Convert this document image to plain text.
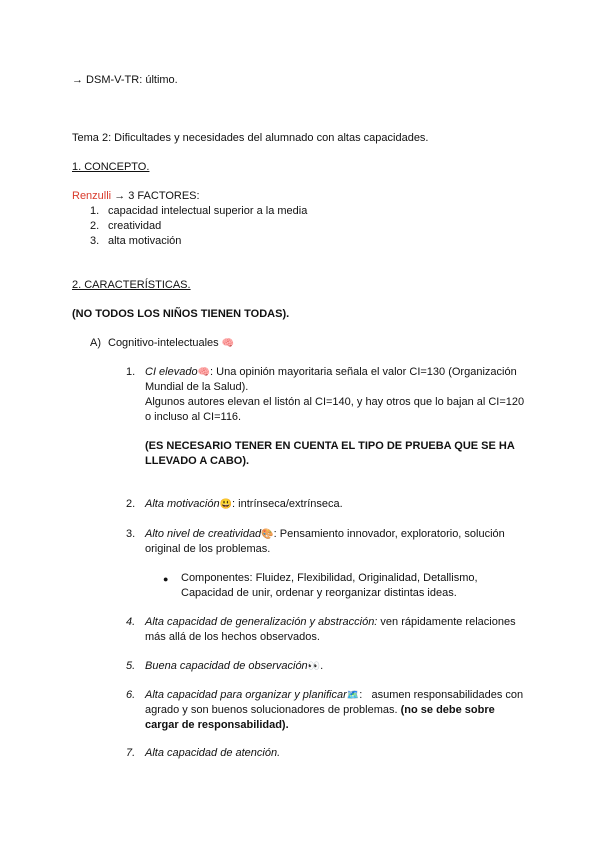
→ DSM-V-TR: último.
Tema 2: Dificultades y necesidades del alumnado con altas capacidades.
1. CONCEPTO.
Renzulli → 3 FACTORES:
1. capacidad intelectual superior a la media
2. creatividad
3. alta motivación
2. CARACTERÍSTICAS.
(NO TODOS LOS NIÑOS TIENEN TODAS).
A) Cognitivo-intelectuales 🧠
1. CI elevado🧠: Una opinión mayoritaria señala el valor CI=130 (Organización
Mundial de la Salud).
Algunos autores elevan el listón al CI=140, y hay otros que lo bajan al CI=120
o incluso al CI=116.
(ES NECESARIO TENER EN CUENTA EL TIPO DE PRUEBA QUE SE HA
LLEVADO A CABO).
2. Alta motivación😃: intrínseca/extrínseca.
3. Alto nivel de creatividad🎨: Pensamiento innovador, exploratorio, solución
original de los problemas.
● Componentes: Fluidez, Flexibilidad, Originalidad, Detallismo,
Capacidad de unir, ordenar y reorganizar distintas ideas.
4. Alta capacidad de generalización y abstracción: ven rápidamente relaciones
más allá de los hechos observados.
5. Buena capacidad de observación👀.
6. Alta capacidad para organizar y planificar🗺️:   asumen responsabilidades con
agrado y son buenos solucionadores de problemas. (no se debe sobre
cargar de responsabilidad).
7. Alta capacidad de atención.
